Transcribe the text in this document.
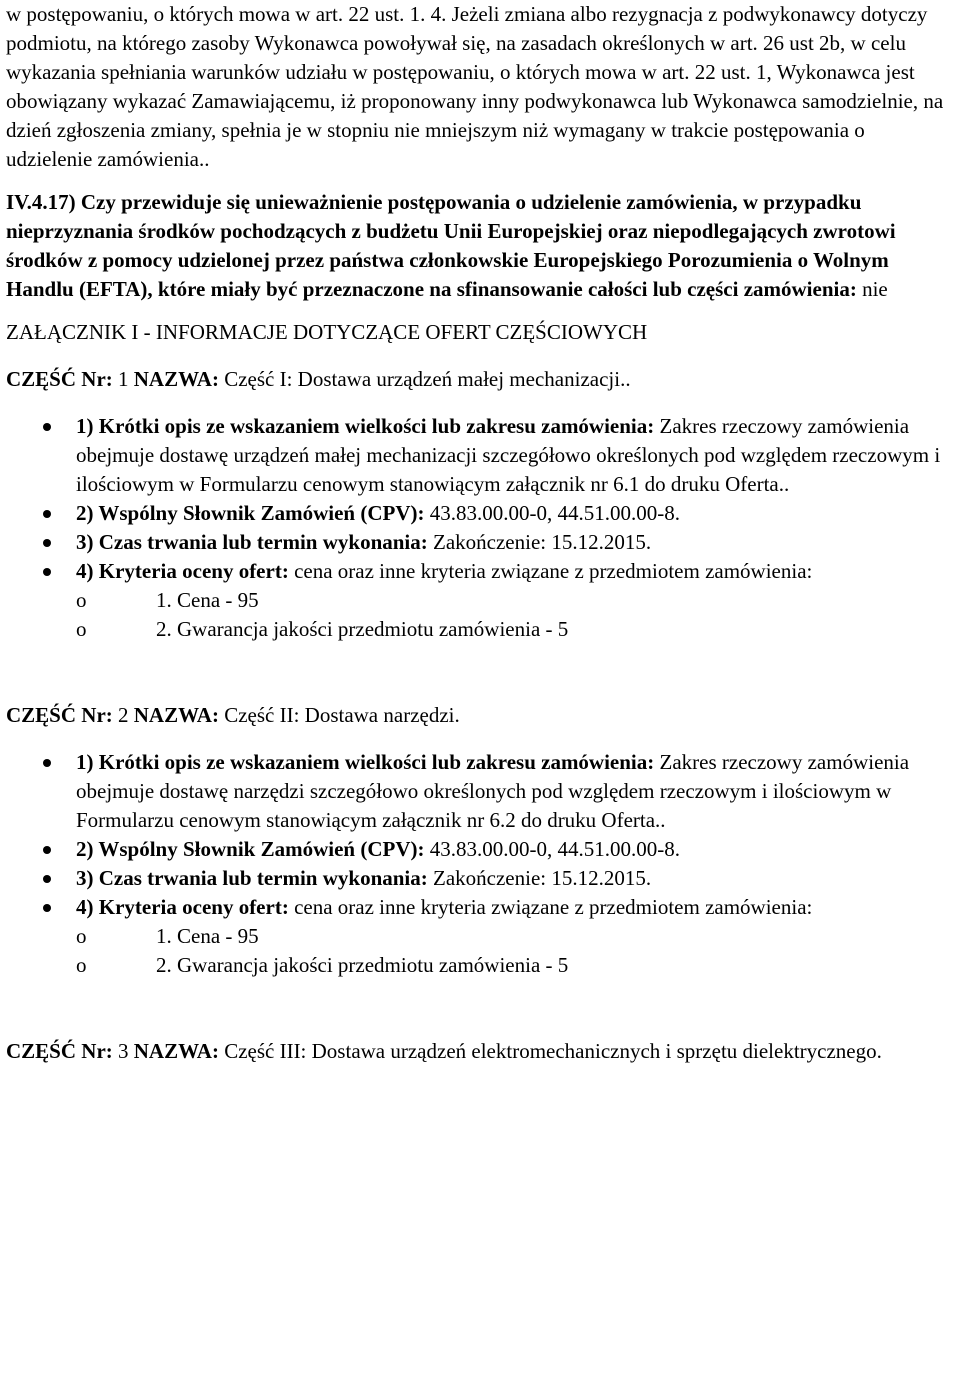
w postępowaniu, o których mowa w art. 22 ust. 1. 4. Jeżeli zmiana albo rezygnacja z podwykonawcy dotyczy podmiotu, na którego zasoby Wykonawca powoływał się, na zasadach określonych w art. 26 ust 2b, w celu wykazania spełniania warunków udziału w postępowaniu, o których mowa w art. 22 ust. 1, Wykonawca jest obowiązany wykazać Zamawiającemu, iż proponowany inny podwykonawca lub Wykonawca samodzielnie, na dzień zgłoszenia zmiany, spełnia je w stopniu nie mniejszym niż wymagany w trakcie postępowania o udzielenie zamówienia..

IV.4.17) Czy przewiduje się unieważnienie postępowania o udzielenie zamówienia, w przypadku nieprzyznania środków pochodzących z budżetu Unii Europejskiej oraz niepodlegających zwrotowi środków z pomocy udzielonej przez państwa członkowskie Europejskiego Porozumienia o Wolnym Handlu (EFTA), które miały być przeznaczone na sfinansowanie całości lub części zamówienia: nie

ZAŁĄCZNIK I - INFORMACJE DOTYCZĄCE OFERT CZĘŚCIOWYCH

CZĘŚĆ Nr: 1 NAZWA: Część I: Dostawa urządzeń małej mechanizacji..

1) Krótki opis ze wskazaniem wielkości lub zakresu zamówienia: Zakres rzeczowy zamówienia obejmuje dostawę urządzeń małej mechanizacji szczegółowo określonych pod względem rzeczowym i ilościowym w Formularzu cenowym stanowiącym załącznik nr 6.1 do druku Oferta..
2) Wspólny Słownik Zamówień (CPV): 43.83.00.00-0, 44.51.00.00-8.
3) Czas trwania lub termin wykonania: Zakończenie: 15.12.2015.
4) Kryteria oceny ofert: cena oraz inne kryteria związane z przedmiotem zamówienia:
o	1. Cena - 95
o	2. Gwarancja jakości przedmiotu zamówienia - 5

CZĘŚĆ Nr: 2 NAZWA: Część II: Dostawa narzędzi.

1) Krótki opis ze wskazaniem wielkości lub zakresu zamówienia: Zakres rzeczowy zamówienia obejmuje dostawę narzędzi szczegółowo określonych pod względem rzeczowym i ilościowym w Formularzu cenowym stanowiącym załącznik nr 6.2 do druku Oferta..
2) Wspólny Słownik Zamówień (CPV): 43.83.00.00-0, 44.51.00.00-8.
3) Czas trwania lub termin wykonania: Zakończenie: 15.12.2015.
4) Kryteria oceny ofert: cena oraz inne kryteria związane z przedmiotem zamówienia:
o	1. Cena - 95
o	2. Gwarancja jakości przedmiotu zamówienia - 5

CZĘŚĆ Nr: 3 NAZWA: Część III: Dostawa urządzeń elektromechanicznych i sprzętu dielektrycznego.
